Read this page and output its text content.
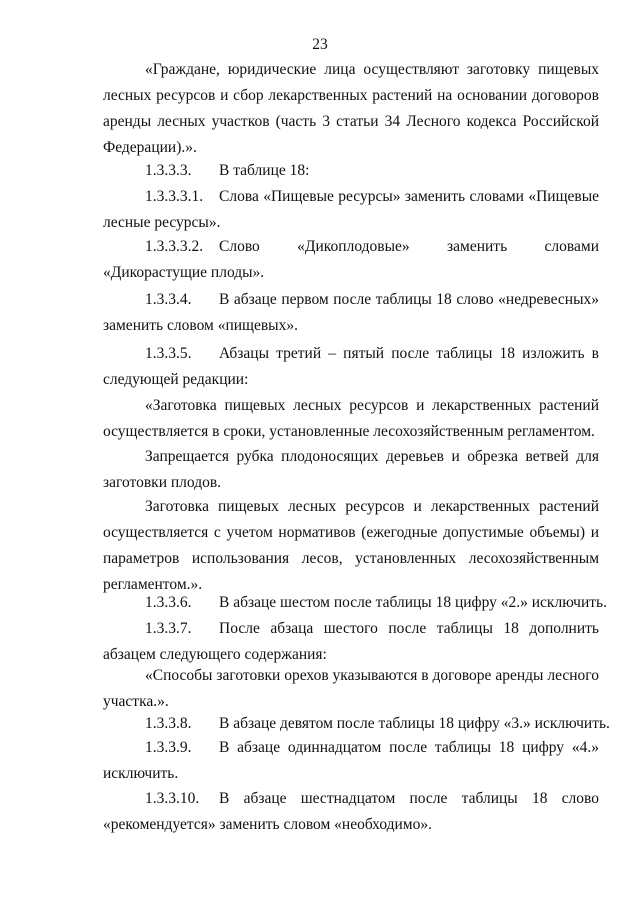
23
«Граждане, юридические лица осуществляют заготовку пищевых лесных ресурсов и сбор лекарственных растений на основании договоров аренды лесных участков (часть 3 статьи 34 Лесного кодекса Российской Федерации).».
1.3.3.3. В таблице 18:
1.3.3.3.1. Слова «Пищевые ресурсы» заменить словами «Пищевые лесные ресурсы».
1.3.3.3.2. Слово «Дикоплодовые» заменить словами «Дикорастущие плоды».
1.3.3.4. В абзаце первом после таблицы 18 слово «недревесных» заменить словом «пищевых».
1.3.3.5. Абзацы третий – пятый после таблицы 18 изложить в следующей редакции:
«Заготовка пищевых лесных ресурсов и лекарственных растений осуществляется в сроки, установленные лесохозяйственным регламентом.
Запрещается рубка плодоносящих деревьев и обрезка ветвей для заготовки плодов.
Заготовка пищевых лесных ресурсов и лекарственных растений осуществляется с учетом нормативов (ежегодные допустимые объемы) и параметров использования лесов, установленных лесохозяйственным регламентом.».
1.3.3.6. В абзаце шестом после таблицы 18 цифру «2.» исключить.
1.3.3.7. После абзаца шестого после таблицы 18 дополнить абзацем следующего содержания:
«Способы заготовки орехов указываются в договоре аренды лесного участка.».
1.3.3.8. В абзаце девятом после таблицы 18 цифру «3.» исключить.
1.3.3.9. В абзаце одиннадцатом после таблицы 18 цифру «4.» исключить.
1.3.3.10. В абзаце шестнадцатом после таблицы 18 слово «рекомендуется» заменить словом «необходимо».
